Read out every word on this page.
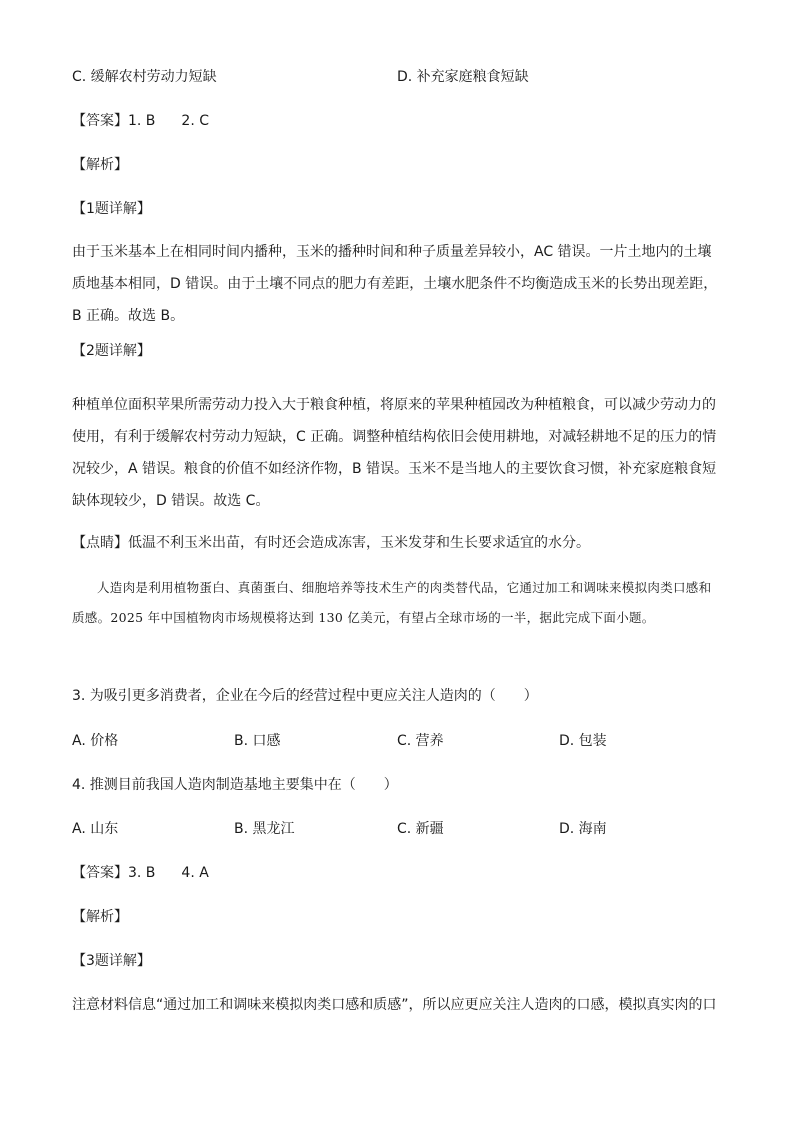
C. 缓解农村劳动力短缺	D. 补充家庭粮食短缺
【答案】1. B 2. C
【解析】
【1题详解】
由于玉米基本上在相同时间内播种，玉米的播种时间和种子质量差异较小，AC 错误。一片土地内的土壤质地基本相同，D 错误。由于土壤不同点的肥力有差距，土壤水肥条件不均衡造成玉米的长势出现差距，B 正确。故选 B。
【2题详解】
种植单位面积苹果所需劳动力投入大于粮食种植，将原来的苹果种植园改为种植粮食，可以减少劳动力的使用，有利于缓解农村劳动力短缺，C 正确。调整种植结构依旧会使用耕地，对减轻耕地不足的压力的情况较少，A 错误。粮食的价值不如经济作物，B 错误。玉米不是当地人的主要饮食习惯，补充家庭粮食短缺体现较少，D 错误。故选 C。
【点睛】低温不利玉米出苗，有时还会造成冻害，玉米发芽和生长要求适宜的水分。
人造肉是利用植物蛋白、真菌蛋白、细胞培养等技术生产的肉类替代品，它通过加工和调味来模拟肉类口感和质感。2025 年中国植物肉市场规模将达到 130 亿美元，有望占全球市场的一半，据此完成下面小题。
3. 为吸引更多消费者，企业在今后的经营过程中更应关注人造肉的（　　）
A. 价格	B. 口感	C. 营养	D. 包装
4. 推测目前我国人造肉制造基地主要集中在（　　）
A. 山东	B. 黑龙江	C. 新疆	D. 海南
【答案】3. B 4. A
【解析】
【3题详解】
注意材料信息“通过加工和调味来模拟肉类口感和质感”，所以应更应关注人造肉的口感，模拟真实肉的口
